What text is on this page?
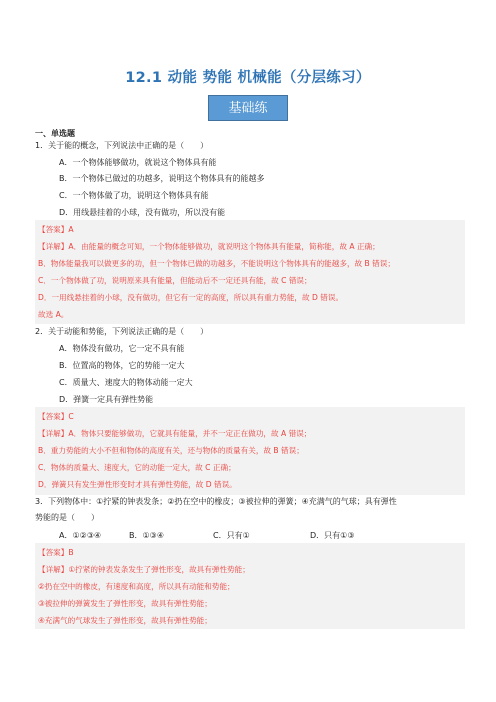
12.1 动能 势能 机械能（分层练习）
基础练
一、单选题
1．关于能的概念，下列说法中正确的是（　　）
A．一个物体能够做功，就说这个物体具有能
B．一个物体已做过的功越多，说明这个物体具有的能越多
C．一个物体做了功，说明这个物体具有能
D．用线悬挂着的小球，没有做功，所以没有能
【答案】A
【详解】A．由能量的概念可知，一个物体能够做功，就说明这个物体具有能量，简称能，故 A 正确；
B．物体能量我可以做更多的功，但一个物体已做的功越多，不能说明这个物体具有的能越多，故 B 错误；
C．一个物体做了功，说明原来具有能量，但能动后不一定还具有能，故 C 错误；
D．一用线悬挂着的小球，没有做功，但它有一定的高度，所以具有重力势能，故 D 错误。
故选 A。
2．关于动能和势能，下列说法正确的是（　　）
A．物体没有做功，它一定不具有能
B．位置高的物体，它的势能一定大
C．质量大、速度大的物体动能一定大
D．弹簧一定具有弹性势能
【答案】C
【详解】A．物体只要能够做功，它就具有能量，并不一定正在做功，故 A 错误；
B．重力势能的大小不但和物体的高度有关，还与物体的质量有关，故 B 错误；
C．物体的质量大、速度大，它的动能一定大，故 C 正确；
D．弹簧只有发生弹性形变时才具有弹性势能，故 D 错误。
3．下列物体中：①拧紧的钟表发条；②扔在空中的橡皮；③被拉伸的弹簧；④充满气的气球；具有弹性
势能的是（　　）
A．①②③④	B．①③④	C．只有①	D．只有①③
【答案】B
【详解】①拧紧的钟表发条发生了弹性形变，故具有弹性势能；
②扔在空中的橡皮，有速度和高度，所以具有动能和势能；
③被拉伸的弹簧发生了弹性形变，故具有弹性势能；
④充满气的气球发生了弹性形变，故具有弹性势能；
